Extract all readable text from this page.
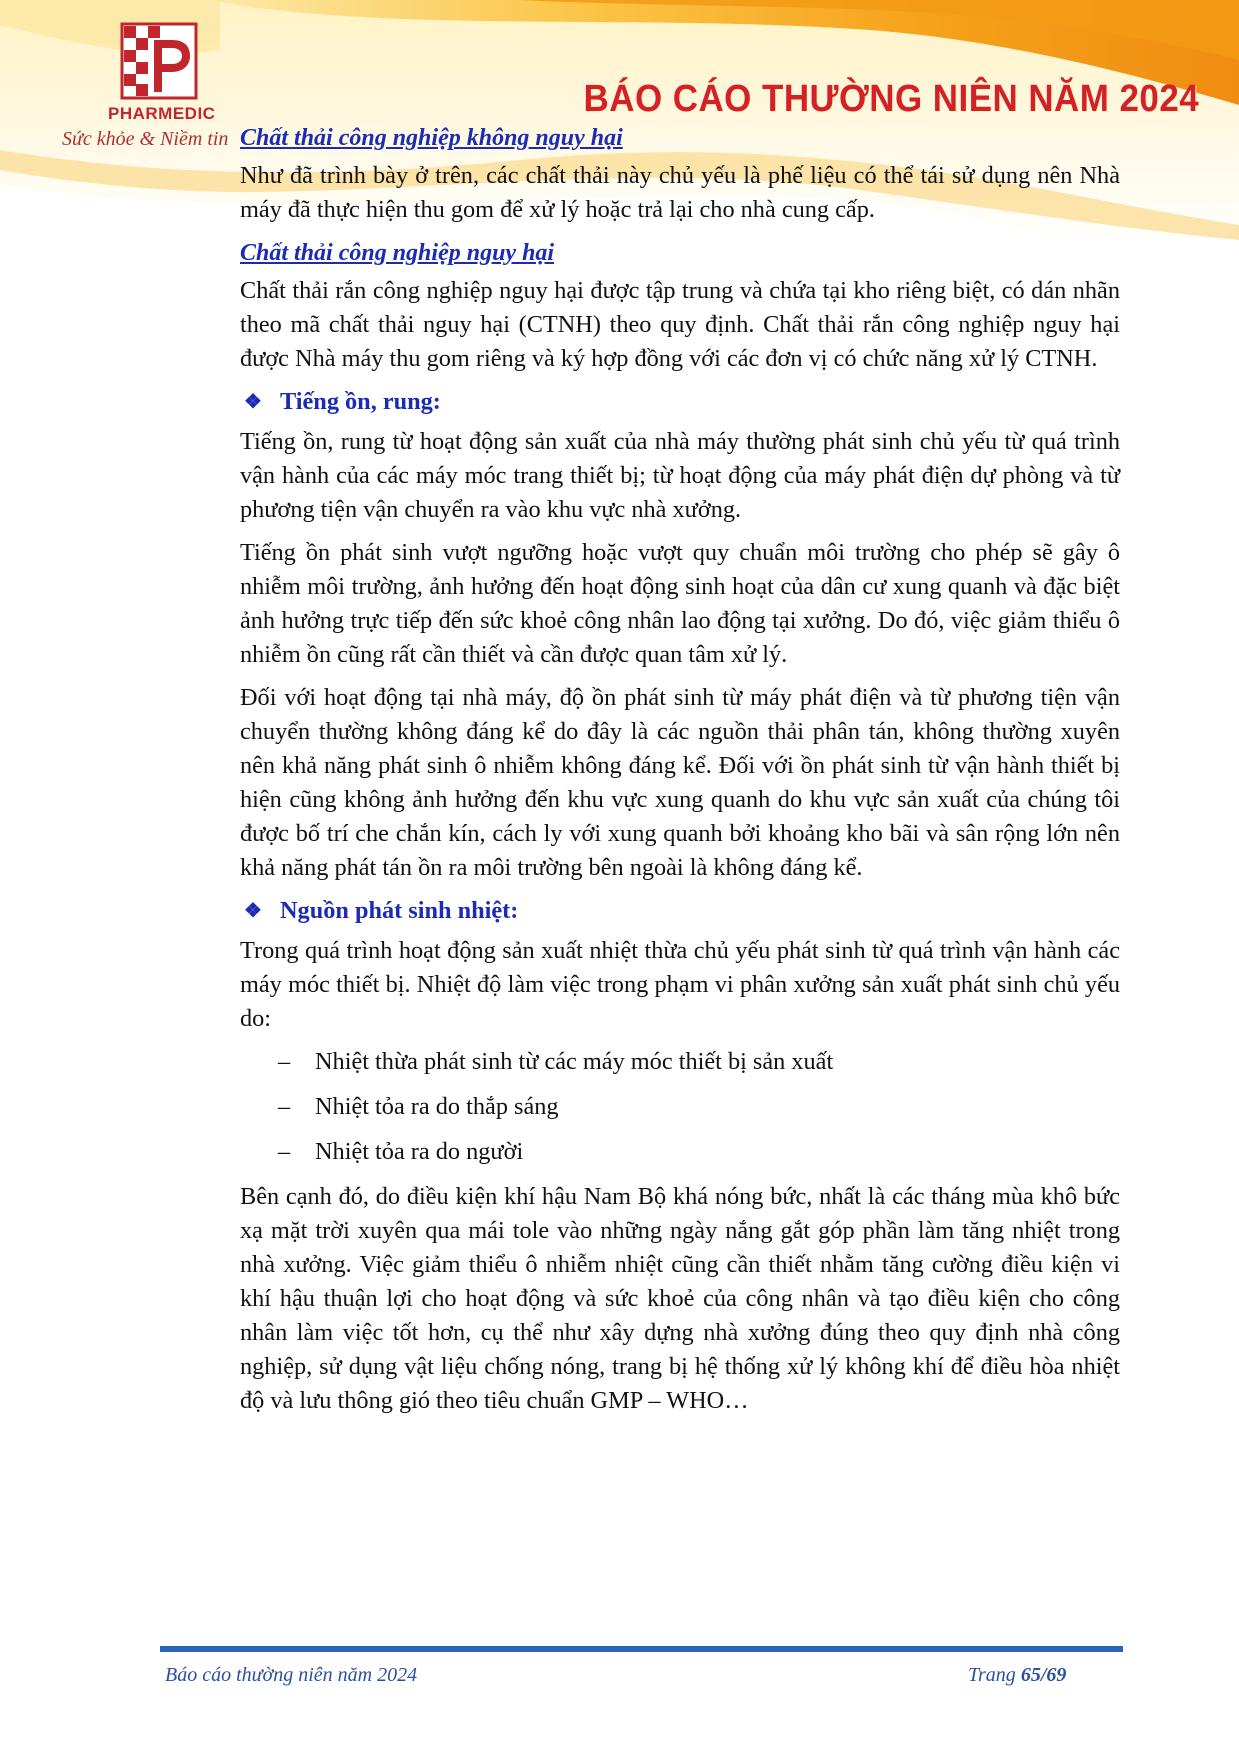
PHARMEDIC
Sức khỏe & Niềm tin
BÁO CÁO THƯỜNG NIÊN NĂM 2024
Chất thải công nghiệp không nguy hại

Như đã trình bày ở trên, các chất thải này chủ yếu là phế liệu có thể tái sử dụng nên Nhà máy đã thực hiện thu gom để xử lý hoặc trả lại cho nhà cung cấp.

Chất thải công nghiệp nguy hại

Chất thải rắn công nghiệp nguy hại được tập trung và chứa tại kho riêng biệt, có dán nhãn theo mã chất thải nguy hại (CTNH) theo quy định. Chất thải rắn công nghiệp nguy hại được Nhà máy thu gom riêng và ký hợp đồng với các đơn vị có chức năng xử lý CTNH.

❖ Tiếng ồn, rung:

Tiếng ồn, rung từ hoạt động sản xuất của nhà máy thường phát sinh chủ yếu từ quá trình vận hành của các máy móc trang thiết bị; từ hoạt động của máy phát điện dự phòng và từ phương tiện vận chuyển ra vào khu vực nhà xưởng.

Tiếng ồn phát sinh vượt ngưỡng hoặc vượt quy chuẩn môi trường cho phép sẽ gây ô nhiễm môi trường, ảnh hưởng đến hoạt động sinh hoạt của dân cư xung quanh và đặc biệt ảnh hưởng trực tiếp đến sức khoẻ công nhân lao động tại xưởng. Do đó, việc giảm thiểu ô nhiễm ồn cũng rất cần thiết và cần được quan tâm xử lý.

Đối với hoạt động tại nhà máy, độ ồn phát sinh từ máy phát điện và từ phương tiện vận chuyển thường không đáng kể do đây là các nguồn thải phân tán, không thường xuyên nên khả năng phát sinh ô nhiễm không đáng kể. Đối với ồn phát sinh từ vận hành thiết bị hiện cũng không ảnh hưởng đến khu vực xung quanh do khu vực sản xuất của chúng tôi được bố trí che chắn kín, cách ly với xung quanh bởi khoảng kho bãi và sân rộng lớn nên khả năng phát tán ồn ra môi trường bên ngoài là không đáng kể.

❖ Nguồn phát sinh nhiệt:

Trong quá trình hoạt động sản xuất nhiệt thừa chủ yếu phát sinh từ quá trình vận hành các máy móc thiết bị. Nhiệt độ làm việc trong phạm vi phân xưởng sản xuất phát sinh chủ yếu do:

–	Nhiệt thừa phát sinh từ các máy móc thiết bị sản xuất
–	Nhiệt tỏa ra do thắp sáng
–	Nhiệt tỏa ra do người

Bên cạnh đó, do điều kiện khí hậu Nam Bộ khá nóng bức, nhất là các tháng mùa khô bức xạ mặt trời xuyên qua mái tole vào những ngày nắng gắt góp phần làm tăng nhiệt trong nhà xưởng. Việc giảm thiểu ô nhiễm nhiệt cũng cần thiết nhằm tăng cường điều kiện vi khí hậu thuận lợi cho hoạt động và sức khoẻ của công nhân và tạo điều kiện cho công nhân làm việc tốt hơn, cụ thể như xây dựng nhà xưởng đúng theo quy định nhà công nghiệp, sử dụng vật liệu chống nóng, trang bị hệ thống xử lý không khí để điều hòa nhiệt độ và lưu thông gió theo tiêu chuẩn GMP – WHO…

Báo cáo thường niên năm 2024	Trang 65/69
